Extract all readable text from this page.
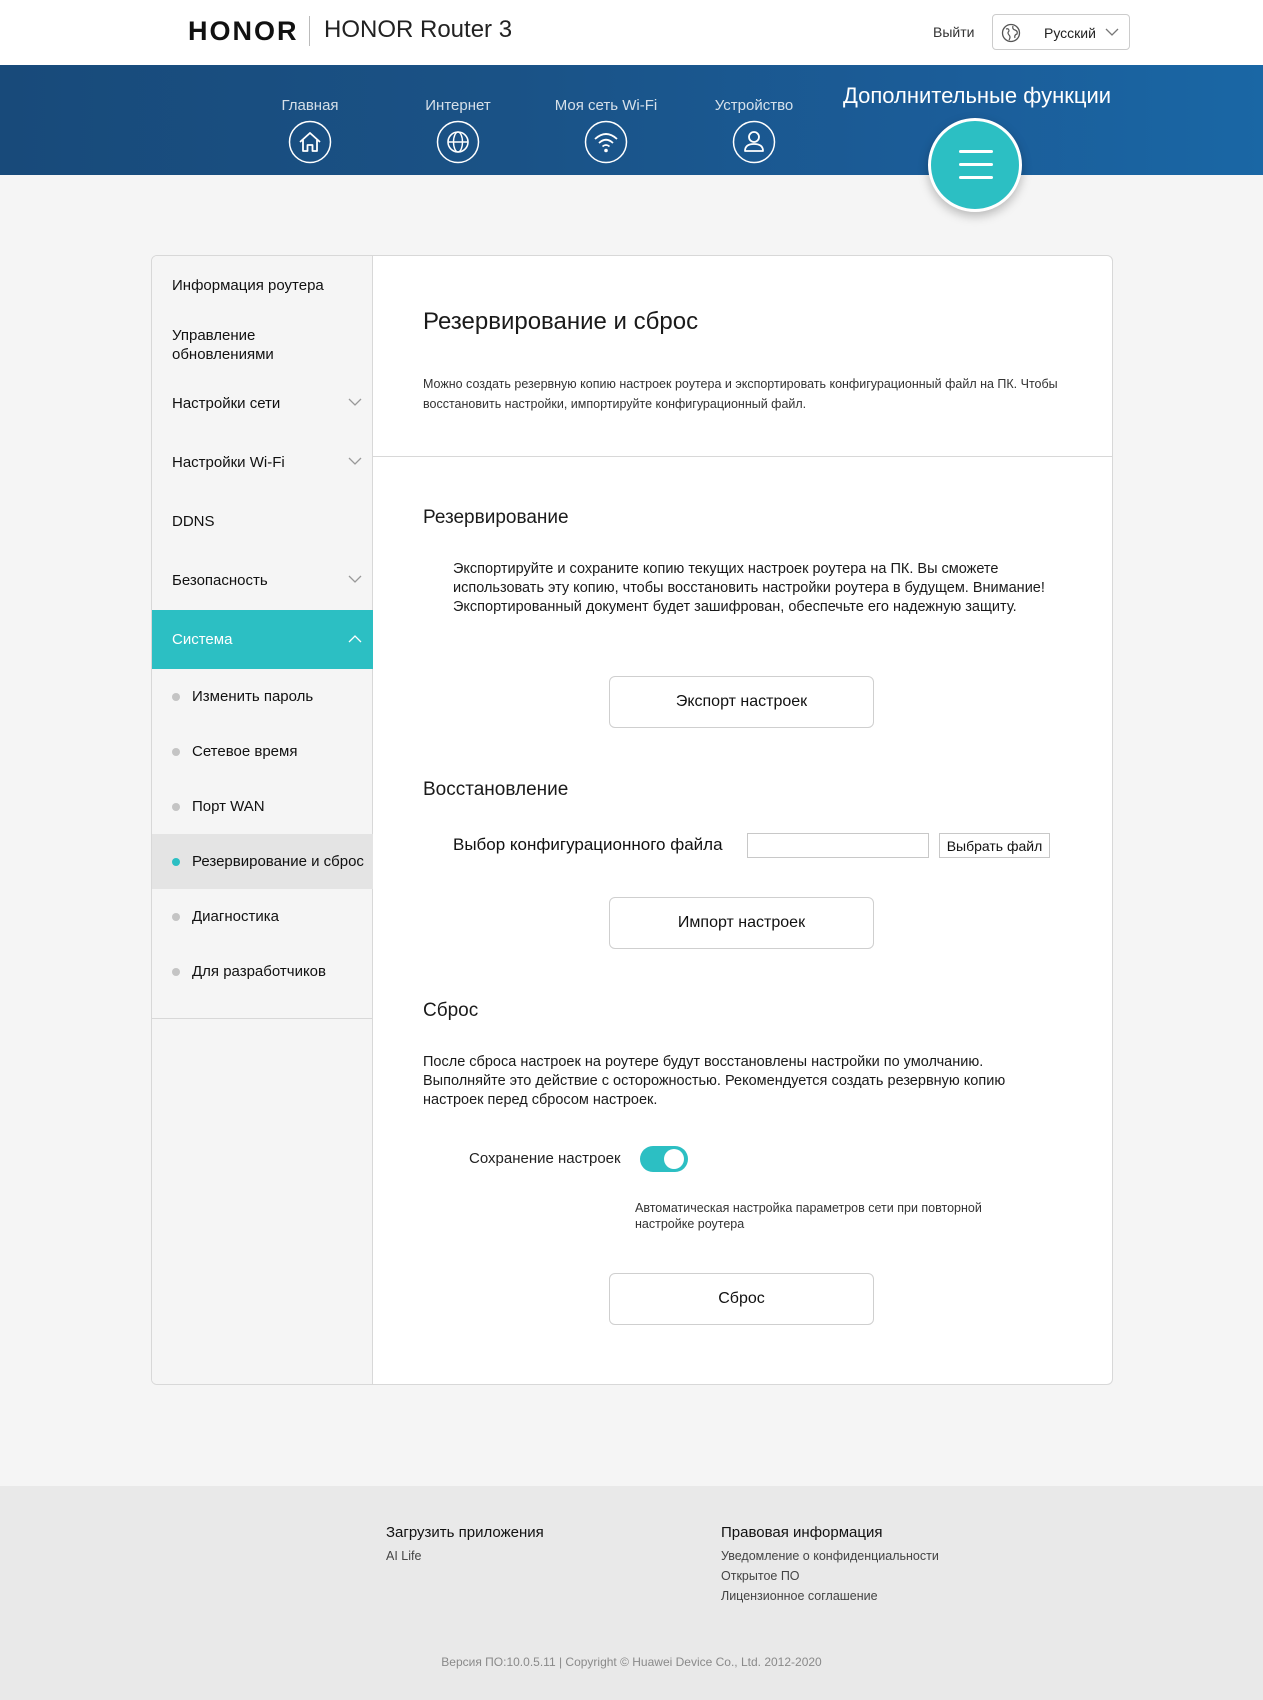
HONOR HONOR Router 3	Выйти	Русский
Главная	Интернет	Моя сеть Wi-Fi	Устройство	Дополнительные функции
Информация роутера
Управление обновлениями
Настройки сети
Настройки Wi-Fi
DDNS
Безопасность
Система
Изменить пароль
Сетевое время
Порт WAN
Резервирование и сброс
Диагностика
Для разработчиков
Резервирование и сброс
Можно создать резервную копию настроек роутера и экспортировать конфигурационный файл на ПК. Чтобы восстановить настройки, импортируйте конфигурационный файл.
Резервирование
Экспортируйте и сохраните копию текущих настроек роутера на ПК. Вы сможете использовать эту копию, чтобы восстановить настройки роутера в будущем. Внимание! Экспортированный документ будет зашифрован, обеспечьте его надежную защиту.
Экспорт настроек
Восстановление
Выбор конфигурационного файла	Выбрать файл
Импорт настроек
Сброс
После сброса настроек на роутере будут восстановлены настройки по умолчанию. Выполняйте это действие с осторожностью. Рекомендуется создать резервную копию настроек перед сбросом настроек.
Сохранение настроек
Автоматическая настройка параметров сети при повторной настройке роутера
Сброс
Загрузить приложения
AI Life
Правовая информация
Уведомление о конфиденциальности
Открытое ПО
Лицензионное соглашение
Версия ПО:10.0.5.11 | Copyright © Huawei Device Co., Ltd. 2012-2020
